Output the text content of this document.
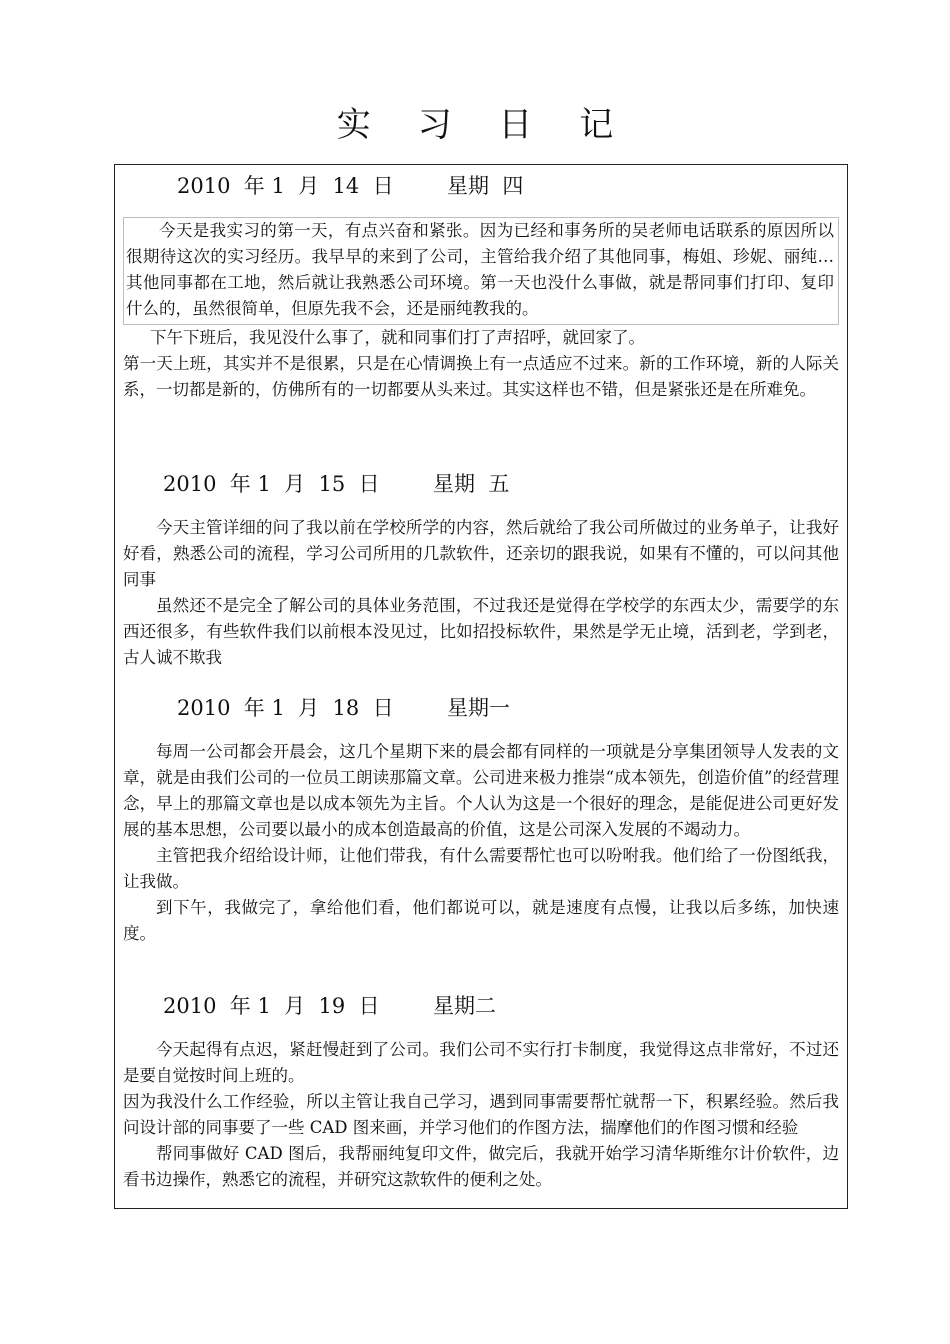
实 习 日 记
2010  年 1  月  14  日        星期  四

今天是我实习的第一天，有点兴奋和紧张。因为已经和事务所的吴老师电话联系的原因所以很期待这次的实习经历。我早早的来到了公司，主管给我介绍了其他同事，梅姐、珍妮、丽纯…其他同事都在工地，然后就让我熟悉公司环境。第一天也没什么事做，就是帮同事们打印、复印什么的，虽然很简单，但原先我不会，还是丽纯教我的。

下午下班后，我见没什么事了，就和同事们打了声招呼，就回家了。

第一天上班，其实并不是很累，只是在心情调换上有一点适应不过来。新的工作环境，新的人际关系，一切都是新的，仿佛所有的一切都要从头来过。其实这样也不错，但是紧张还是在所难免。

2010  年 1  月  15  日        星期  五

今天主管详细的问了我以前在学校所学的内容，然后就给了我公司所做过的业务单子，让我好好看，熟悉公司的流程，学习公司所用的几款软件，还亲切的跟我说，如果有不懂的，可以问其他同事

虽然还不是完全了解公司的具体业务范围，不过我还是觉得在学校学的东西太少，需要学的东西还很多，有些软件我们以前根本没见过，比如招投标软件，果然是学无止境，活到老，学到老，古人诚不欺我

2010  年 1  月  18  日        星期一

每周一公司都会开晨会，这几个星期下来的晨会都有同样的一项就是分享集团领导人发表的文章，就是由我们公司的一位员工朗读那篇文章。公司进来极力推崇“成本领先，创造价值”的经营理念，早上的那篇文章也是以成本领先为主旨。个人认为这是一个很好的理念，是能促进公司更好发展的基本思想，公司要以最小的成本创造最高的价值，这是公司深入发展的不竭动力。

主管把我介绍给设计师，让他们带我，有什么需要帮忙也可以吩咐我。他们给了一份图纸我，让我做。

到下午，我做完了，拿给他们看，他们都说可以，就是速度有点慢，让我以后多练，加快速度。

2010  年 1  月  19  日        星期二

今天起得有点迟，紧赶慢赶到了公司。我们公司不实行打卡制度，我觉得这点非常好，不过还是要自觉按时间上班的。

因为我没什么工作经验，所以主管让我自己学习，遇到同事需要帮忙就帮一下，积累经验。然后我问设计部的同事要了一些 CAD 图来画，并学习他们的作图方法，揣摩他们的作图习惯和经验

帮同事做好 CAD 图后，我帮丽纯复印文件，做完后，我就开始学习清华斯维尔计价软件，边看书边操作，熟悉它的流程，并研究这款软件的便利之处。
